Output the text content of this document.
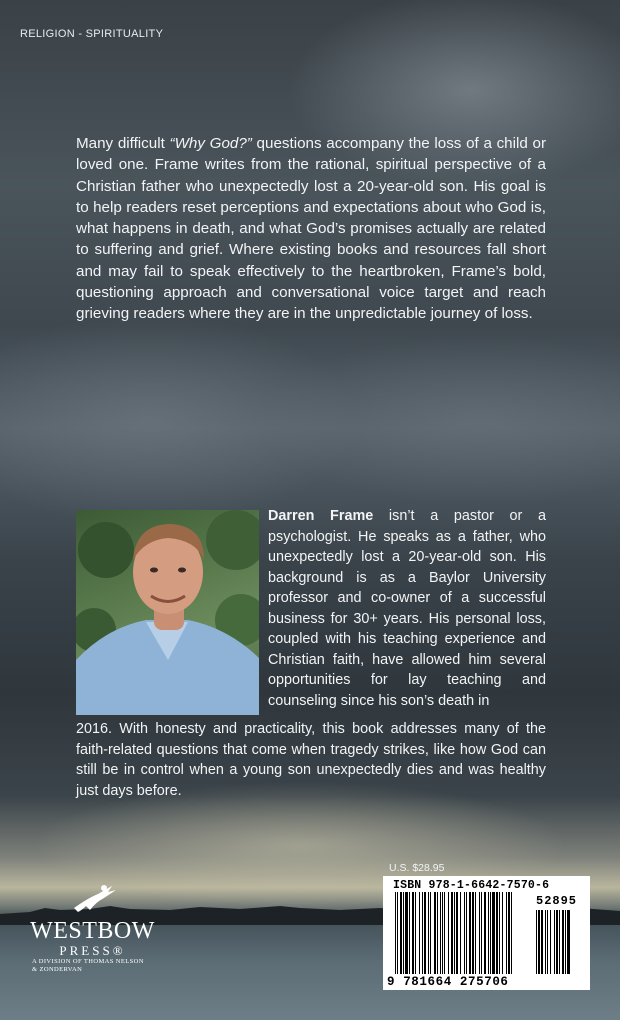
RELIGION - SPIRITUALITY
Many difficult “Why God?” questions accompany the loss of a child or loved one. Frame writes from the rational, spiritual perspective of a Christian father who unexpectedly lost a 20-year-old son. His goal is to help readers reset perceptions and expectations about who God is, what happens in death, and what God’s promises actually are related to suffering and grief. Where existing books and resources fall short and may fail to speak effectively to the heartbroken, Frame’s bold, questioning approach and conversational voice target and reach grieving readers where they are in the unpredictable journey of loss.
Darren Frame isn’t a pastor or a psychologist. He speaks as a father, who unexpectedly lost a 20-year-old son. His background is as a Baylor University professor and co-owner of a successful business for 30+ years. His personal loss, coupled with his teaching experience and Christian faith, have allowed him several opportunities for lay teaching and counseling since his son’s death in
2016. With honesty and practicality, this book addresses many of the faith-related questions that come when tragedy strikes, like how God can still be in control when a young son unexpectedly dies and was healthy just days before.
WESTBOW
PRESS®
A DIVISION OF THOMAS NELSON
& ZONDERVAN
U.S. $28.95
ISBN 978-1-6642-7570-6
52895
9 781664 275706
